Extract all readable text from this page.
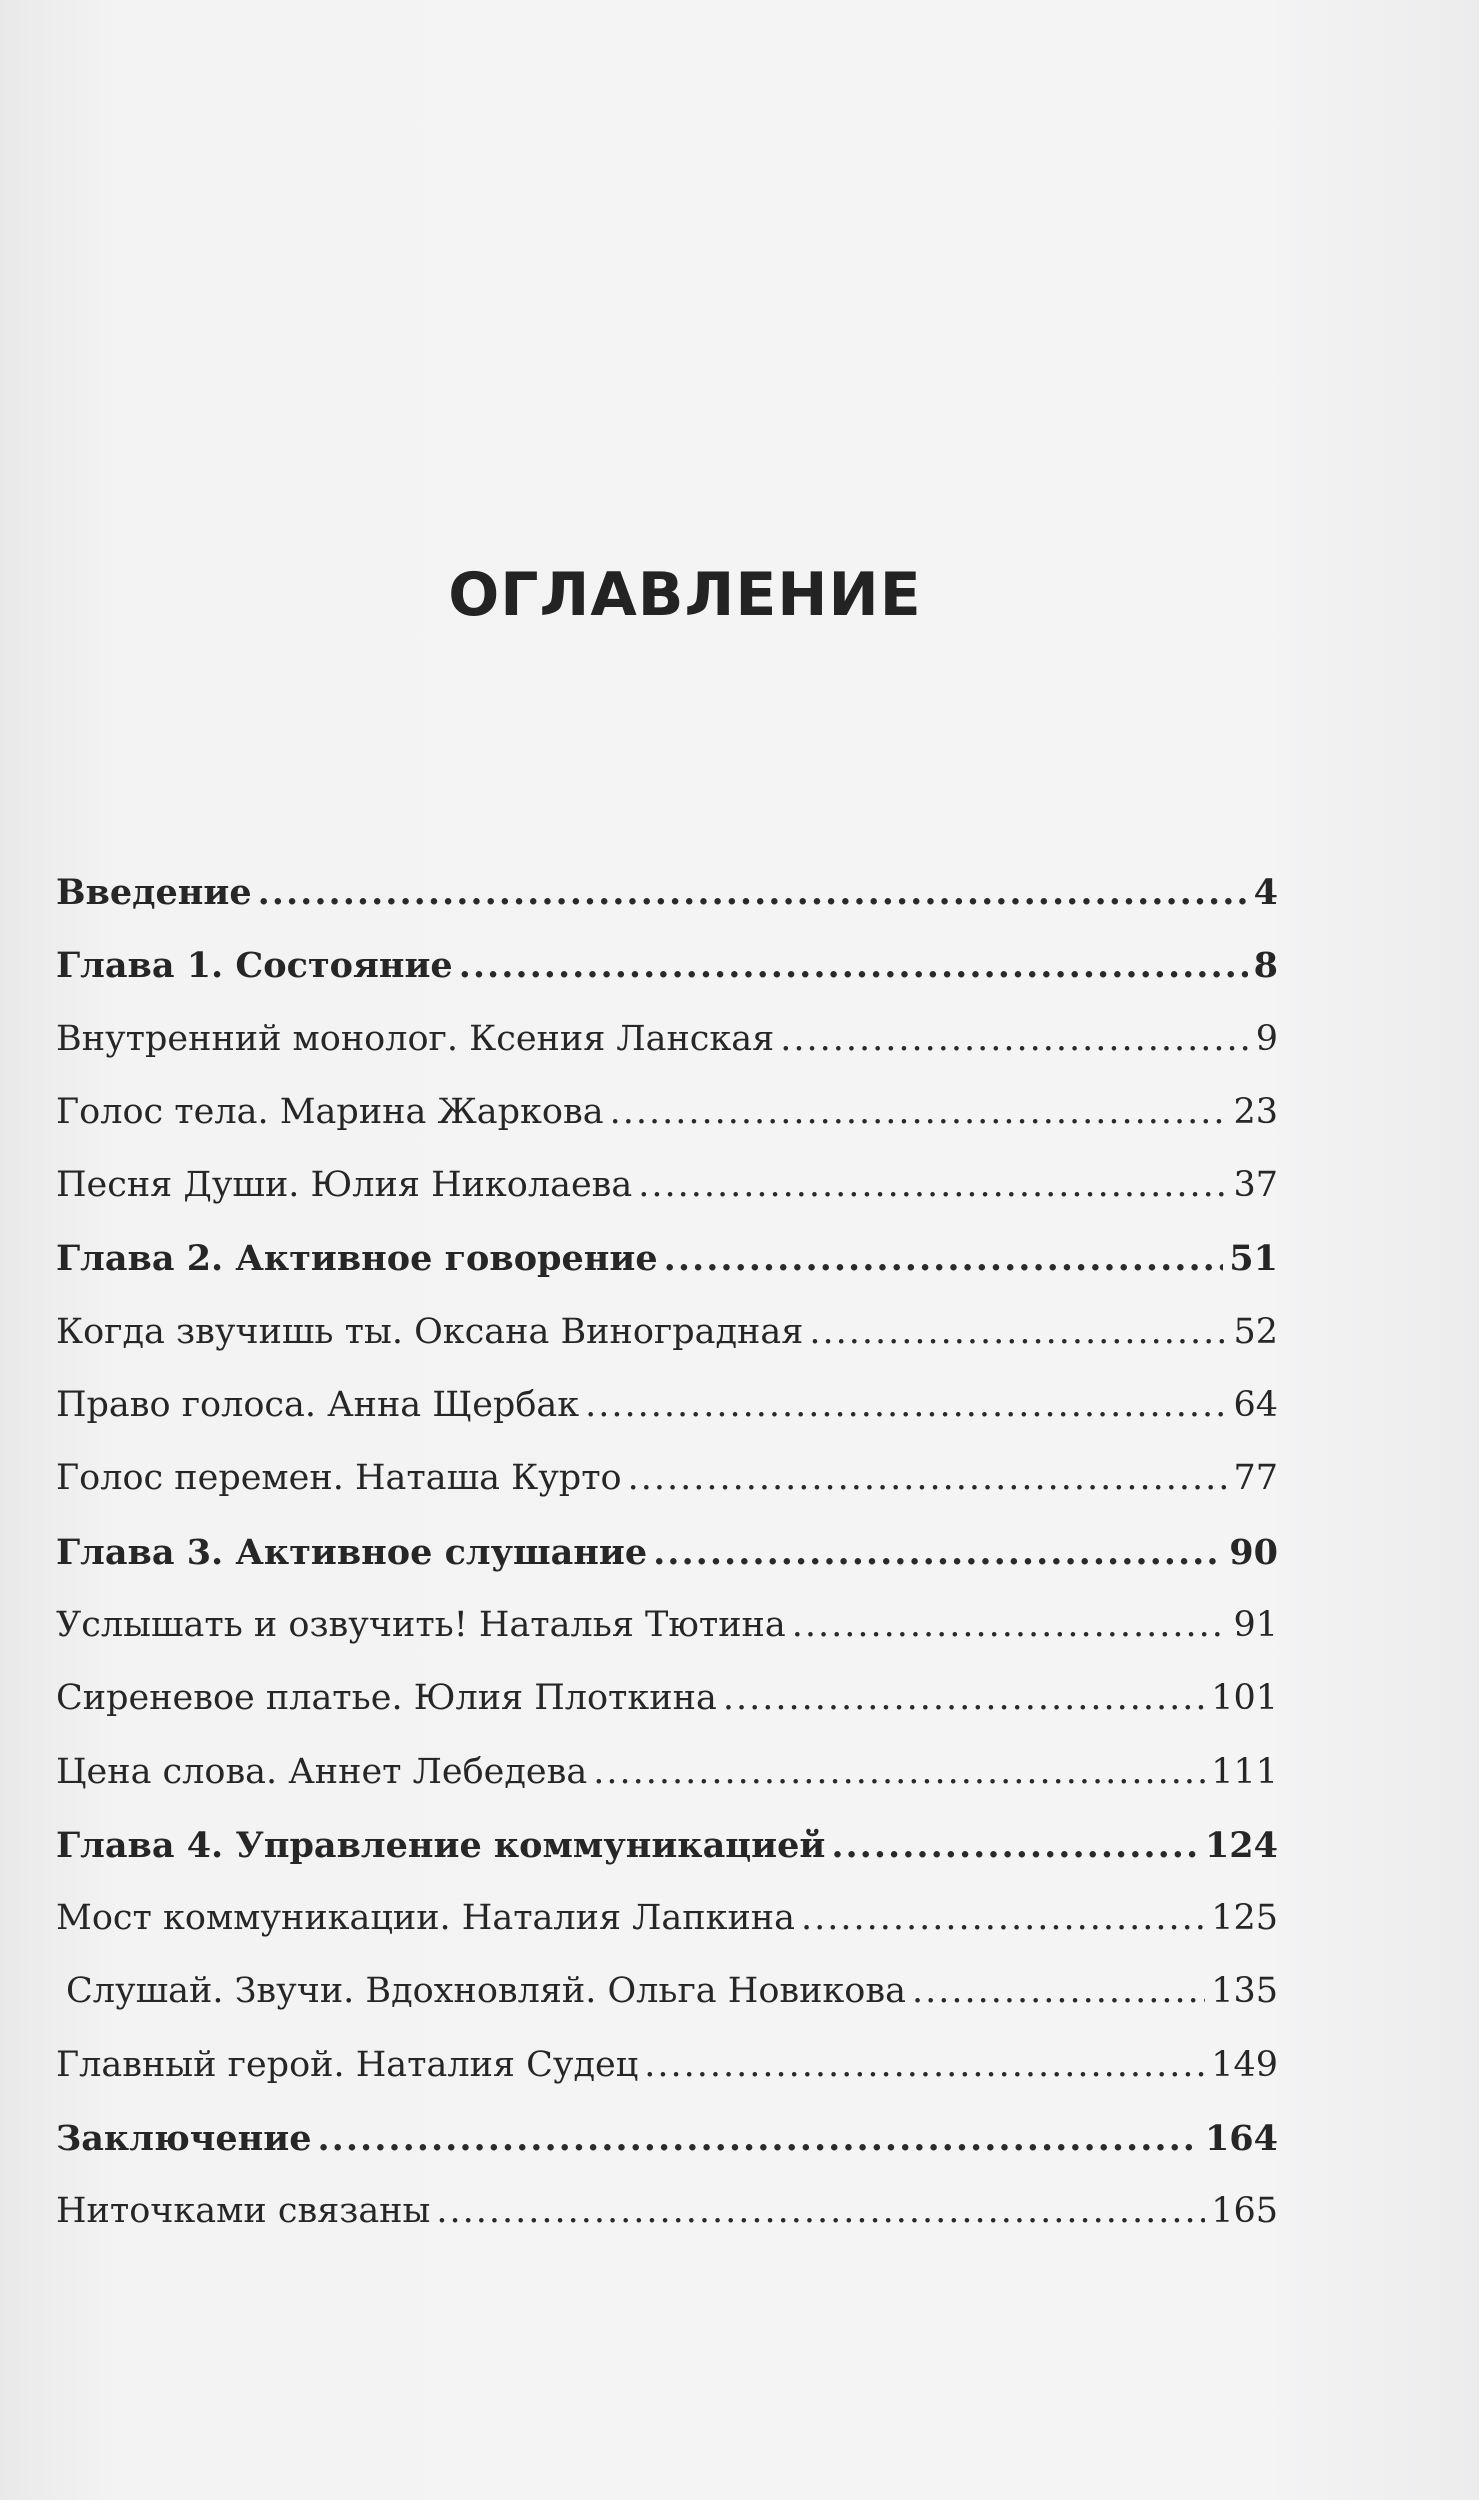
ОГЛАВЛЕНИЕ
Введение .....	4
Глава 1. Состояние .....	8
Внутренний монолог. Ксения Ланская .....	9
Голос тела. Марина Жаркова .....	23
Песня Души. Юлия Николаева .....	37
Глава 2. Активное говорение .....	51
Когда звучишь ты. Оксана Виноградная .....	52
Право голоса. Анна Щербак .....	64
Голос перемен. Наташа Курто .....	77
Глава 3. Активное слушание .....	90
Услышать и озвучить! Наталья Тютина .....	91
Сиреневое платье. Юлия Плоткина .....	101
Цена слова. Аннет Лебедева .....	111
Глава 4. Управление коммуникацией .....	124
Мост коммуникации. Наталия Лапкина .....	125
Слушай. Звучи. Вдохновляй. Ольга Новикова .....	135
Главный герой. Наталия Судец .....	149
Заключение .....	164
Ниточками связаны .....	165
